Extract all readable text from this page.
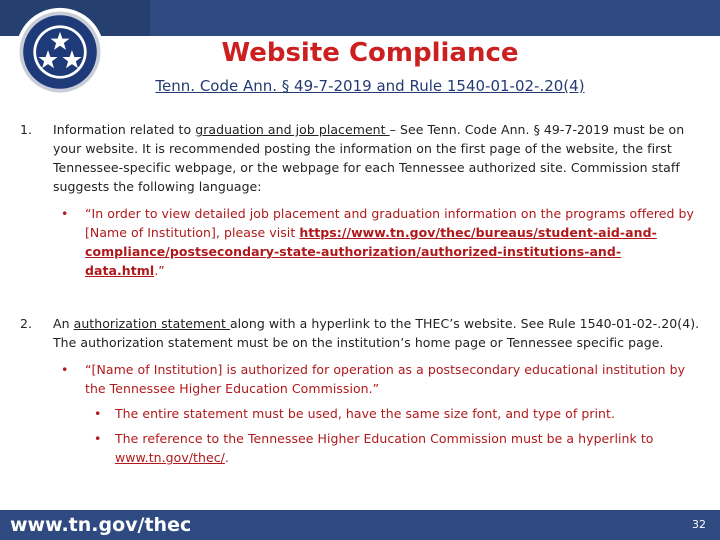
Website Compliance
Tenn. Code Ann. § 49-7-2019 and Rule 1540-01-02-.20(4)
1. Information related to graduation and job placement – See Tenn. Code Ann. § 49-7-2019 must be on your website. It is recommended posting the information on the first page of the website, the first Tennessee-specific webpage, or the webpage for each Tennessee authorized site. Commission staff suggests the following language:
• “In order to view detailed job placement and graduation information on the programs offered by [Name of Institution], please visit https://www.tn.gov/thec/bureaus/student-aid-and-compliance/postsecondary-state-authorization/authorized-institutions-and-data.html.”
2. An authorization statement along with a hyperlink to the THEC’s website. See Rule 1540-01-02-.20(4). The authorization statement must be on the institution’s home page or Tennessee specific page.
• “[Name of Institution] is authorized for operation as a postsecondary educational institution by the Tennessee Higher Education Commission.”
• The entire statement must be used, have the same size font, and type of print.
• The reference to the Tennessee Higher Education Commission must be a hyperlink to www.tn.gov/thec/.
www.tn.gov/thec	32
